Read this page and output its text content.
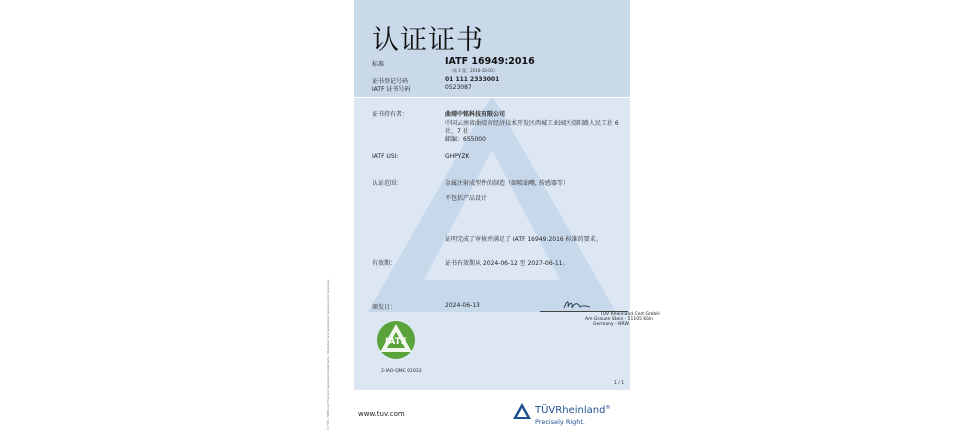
© TÜV, TUEV and TUV are registered trademarks. Utilisation and application requires prior approval.
认证证书
标准	IATF 16949:2016
（第 1 版，2016-10-01）
证书登记号码	01 111 2333001
IATF 证书号码	0523087
证书持有者：	曲靖中铭科技有限公司
中国云南省曲靖市经济技术开发区西城工业园区靖阳路人民工社 6
社，7 社
邮编：655000
IATF USI:	GHPYZK
认证范围：	金属注射成型件的制造（如喷油嘴, 传感器等）
不包括产品设计
证明完成了审核并满足了 IATF 16949:2016 标准的要求。
有效期：	证书有效期从 2024-06-12 至 2027-06-11。
颁发日：	2024-06-13
TÜV Rheinland Cert GmbH
Am Grauen Stein · 51105 Köln
Germany - NRW
IATF
2-IAO-QMC 01033
1 / 1
www.tuv.com	TÜVRheinland®
Precisely Right.
